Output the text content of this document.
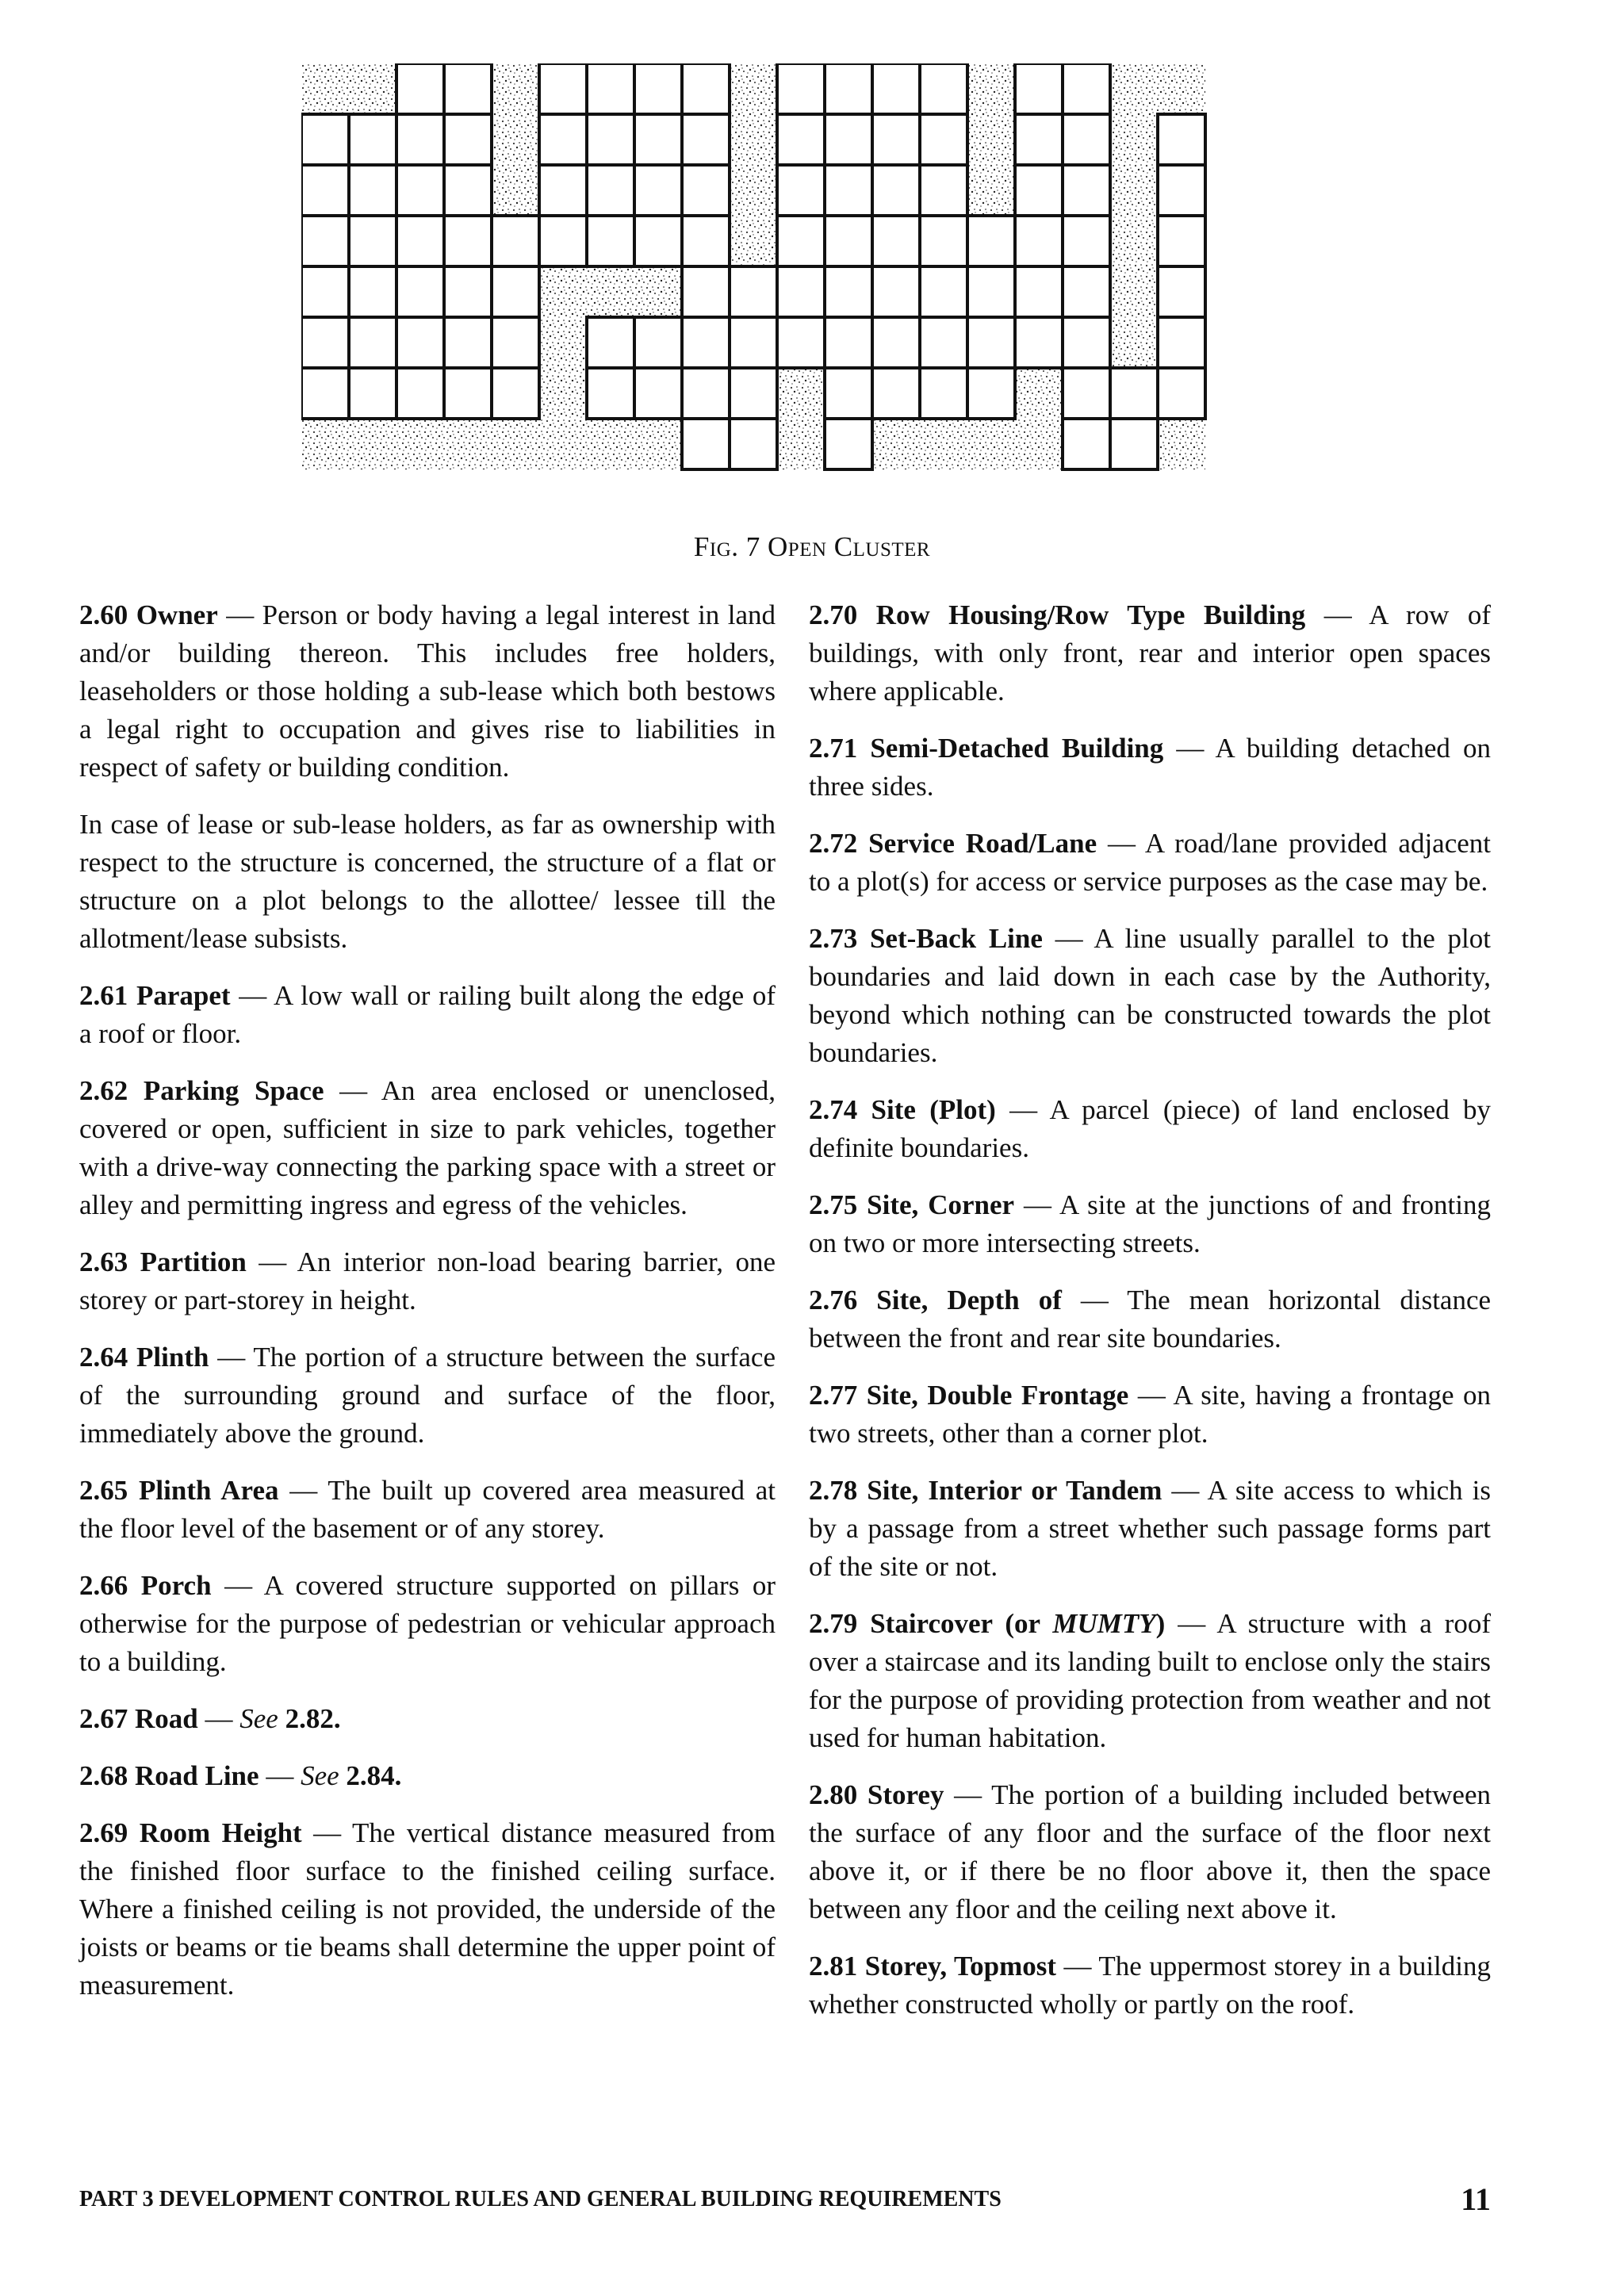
Fig. 7 Open Cluster

2.60 Owner — Person or body having a legal interest in land and/or building thereon. This includes free holders, leaseholders or those holding a sub-lease which both bestows a legal right to occupation and gives rise to liabilities in respect of safety or building condition.

In case of lease or sub-lease holders, as far as ownership with respect to the structure is concerned, the structure of a flat or structure on a plot belongs to the allottee/ lessee till the allotment/lease subsists.

2.61 Parapet — A low wall or railing built along the edge of a roof or floor.

2.62 Parking Space — An area enclosed or unenclosed, covered or open, sufficient in size to park vehicles, together with a drive-way connecting the parking space with a street or alley and permitting ingress and egress of the vehicles.

2.63 Partition — An interior non-load bearing barrier, one storey or part-storey in height.

2.64 Plinth — The portion of a structure between the surface of the surrounding ground and surface of the floor, immediately above the ground.

2.65 Plinth Area — The built up covered area measured at the floor level of the basement or of any storey.

2.66 Porch — A covered structure supported on pillars or otherwise for the purpose of pedestrian or vehicular approach to a building.

2.67 Road — See 2.82.

2.68 Road Line — See 2.84.

2.69 Room Height — The vertical distance measured from the finished floor surface to the finished ceiling surface. Where a finished ceiling is not provided, the underside of the joists or beams or tie beams shall determine the upper point of measurement.

2.70 Row Housing/Row Type Building — A row of buildings, with only front, rear and interior open spaces where applicable.

2.71 Semi-Detached Building — A building detached on three sides.

2.72 Service Road/Lane — A road/lane provided adjacent to a plot(s) for access or service purposes as the case may be.

2.73 Set-Back Line — A line usually parallel to the plot boundaries and laid down in each case by the Authority, beyond which nothing can be constructed towards the plot boundaries.

2.74 Site (Plot) — A parcel (piece) of land enclosed by definite boundaries.

2.75 Site, Corner — A site at the junctions of and fronting on two or more intersecting streets.

2.76 Site, Depth of — The mean horizontal distance between the front and rear site boundaries.

2.77 Site, Double Frontage — A site, having a frontage on two streets, other than a corner plot.

2.78 Site, Interior or Tandem — A site access to which is by a passage from a street whether such passage forms part of the site or not.

2.79 Staircover (or MUMTY) — A structure with a roof over a staircase and its landing built to enclose only the stairs for the purpose of providing protection from weather and not used for human habitation.

2.80 Storey — The portion of a building included between the surface of any floor and the surface of the floor next above it, or if there be no floor above it, then the space between any floor and the ceiling next above it.

2.81 Storey, Topmost — The uppermost storey in a building whether constructed wholly or partly on the roof.

PART 3 DEVELOPMENT CONTROL RULES AND GENERAL BUILDING REQUIREMENTS	11
